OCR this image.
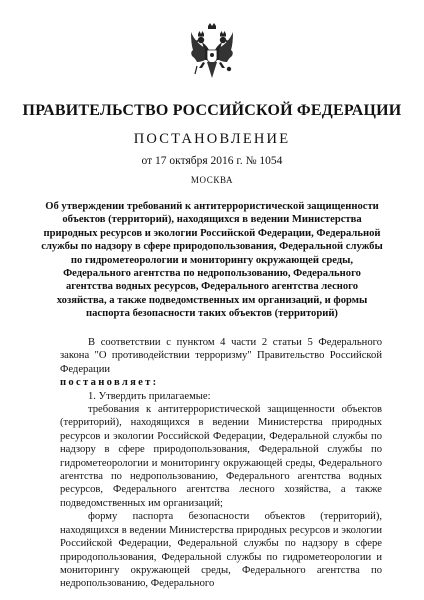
ПРАВИТЕЛЬСТВО РОССИЙСКОЙ ФЕДЕРАЦИИ
ПОСТАНОВЛЕНИЕ
от 17 октября 2016 г. № 1054
МОСКВА
Об утверждении требований к антитеррористической защищенности объектов (территорий), находящихся в ведении Министерства природных ресурсов и экологии Российской Федерации, Федеральной службы по надзору в сфере природопользования, Федеральной службы по гидрометеорологии и мониторингу окружающей среды, Федерального агентства по недропользованию, Федерального агентства водных ресурсов, Федерального агентства лесного хозяйства, а также подведомственных им организаций, и формы паспорта безопасности таких объектов (территорий)

В соответствии с пунктом 4 части 2 статьи 5 Федерального закона "О противодействии терроризму" Правительство Российской Федерации

постановляет:

1. Утвердить прилагаемые:

требования к антитеррористической защищенности объектов (территорий), находящихся в ведении Министерства природных ресурсов и экологии Российской Федерации, Федеральной службы по надзору в сфере природопользования, Федеральной службы по гидрометеорологии и мониторингу окружающей среды, Федерального агентства по недропользованию, Федерального агентства водных ресурсов, Федерального агентства лесного хозяйства, а также подведомственных им организаций;

форму паспорта безопасности объектов (территорий), находящихся в ведении Министерства природных ресурсов и экологии Российской Федерации, Федеральной службы по надзору в сфере природопользования, Федеральной службы по гидрометеорологии и мониторингу окружающей среды, Федерального агентства по недропользованию, Федерального
